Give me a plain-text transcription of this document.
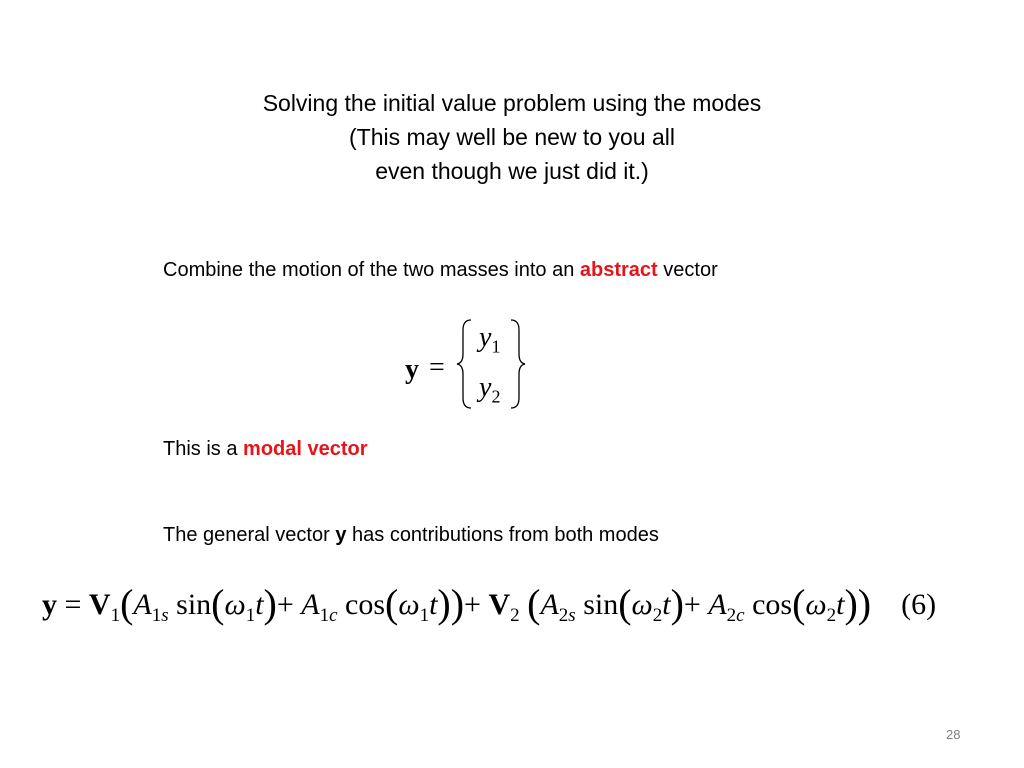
Solving the initial value problem using the modes
(This may well be new to you all
even though we just did it.)
Combine the motion of the two masses into an abstract vector
y =
$y_1$
$y_2$
This is a modal vector
The general vector y has contributions from both modes
$y = V_1(A_{1s}$ $\sin(\omega_1t)+ A_{1c}$ $\cos(\omega_1t))+ V_2$ ($A_{2s}$ $\sin(\omega_2t)+ A_{2c}$ $\cos(\omega_2t)$) (6)
28
